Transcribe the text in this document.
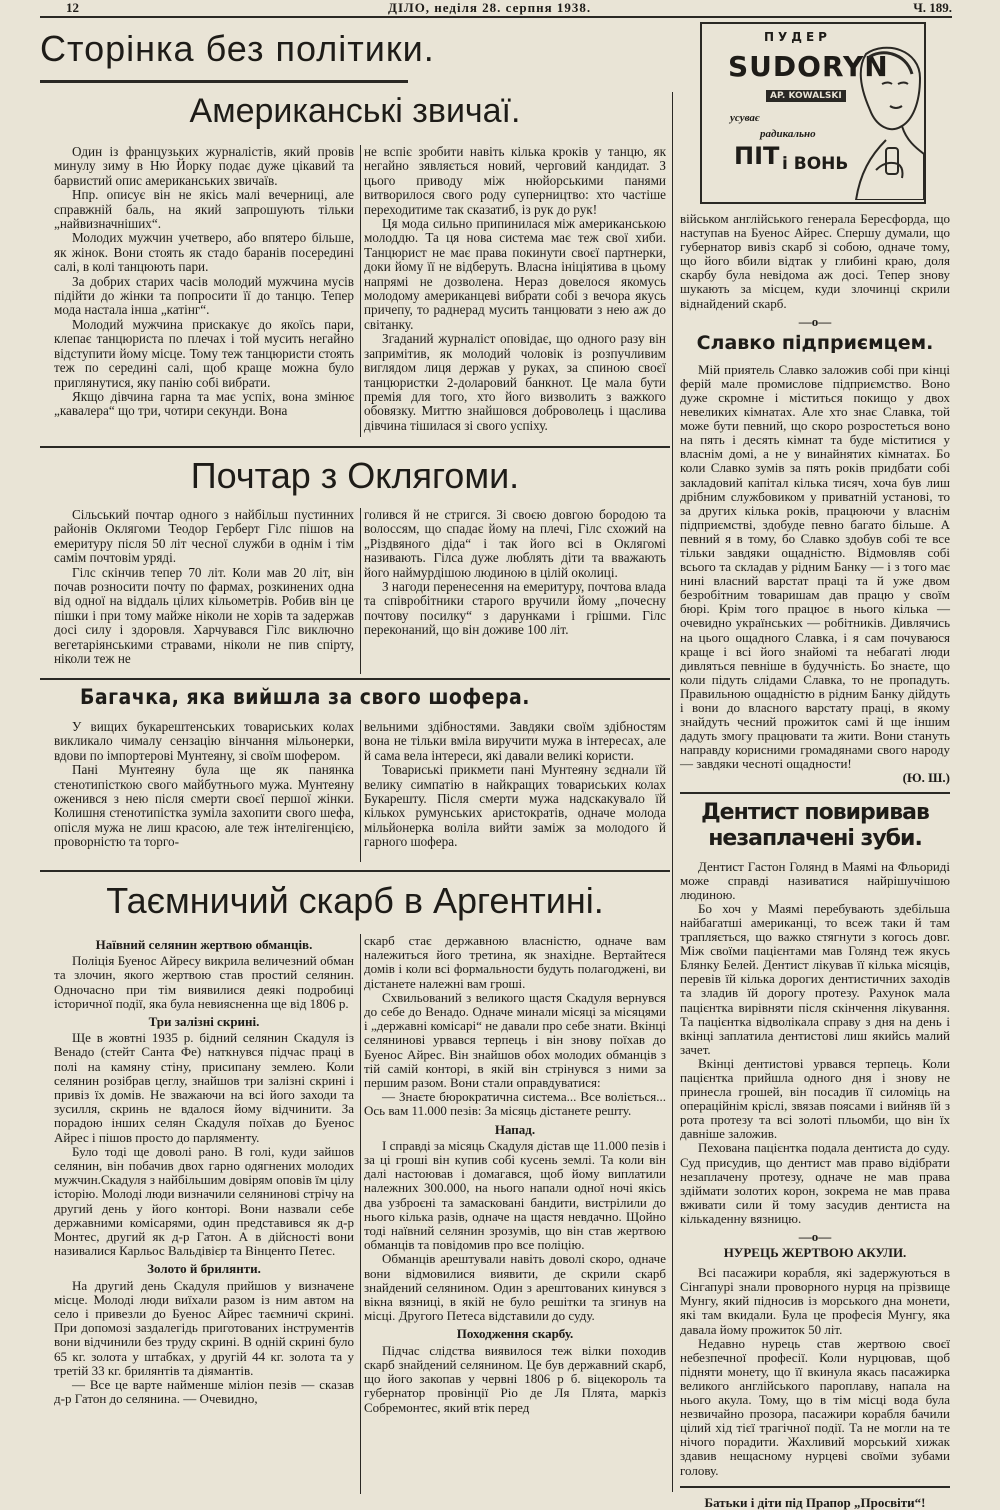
12	ДІЛО, неділя 28. серпня 1938.	Ч. 189.
Сторінка без політики.	ПУДЕР
SUDORYN
AP. KOWALSKI
усуває
радикально
ПІТ і ВОНЬ
Американські звичаї.

Один із французьких журналістів, який провів минулу зиму в Ню Йорку подає дуже цікавий та барвистий опис американських звичаїв.

Нпр. описує він не якісь малі вечерниці, але справжній баль, на який запрошують тільки „найвизначніших“.

Молодих мужчин учетверо, або впятеро більше, як жінок. Вони стоять як стадо баранів посередині салі, в колі танцюють пари.

За добрих старих часів молодий мужчина мусів підійти до жінки та попросити її до танцю. Тепер мода настала інша „катінг“.

Молодий мужчина прискакує до якоїсь пари, клепає танцюриста по плечах і той мусить негайно відступити йому місце. Тому теж танцюристи стоять теж по середині салі, щоб краще можна було приглянутися, яку панію собі вибрати.

Якщо дівчина гарна та має успіх, вона змінює „кавалера“ що три, чотири секунди. Вона

не вспіє зробити навіть кілька кроків у танцю, як негайно зявляється новий, черговий кандидат. З цього приводу між нюйорськими панями витворилося свого роду суперництво: хто частіше переходитиме так сказатиб, із рук до рук!

Ця мода сильно припинилася між американською молоддю. Та ця нова система має теж свої хиби. Танцюрист не має права покинути своєї партнерки, доки йому її не відберуть. Власна ініціятива в цьому напрямі не дозволена. Нераз довелося якомусь молодому американцеві вибрати собі з вечора якусь причепу, то раднерад мусить танцювати з нею аж до світанку.

Згаданий журналіст оповідає, що одного разу він запримітив, як молодий чоловік із розпучливим виглядом лиця держав у руках, за спиною своєї танцюристки 2-доларовий банкнот. Це мала бути премія для того, хто його визволить з важкого обовязку. Миттю знайшовся доброволець і щаслива дівчина тішилася зі свого успіху.

Почтар з Оклягоми.

Сільський почтар одного з найбільш пустинних районів Оклягоми Теодор Герберт Гілс пішов на емеритуру після 50 літ чесної служби в однім і тім самім почтовім уряді.

Гілс скінчив тепер 70 літ. Коли мав 20 літ, він почав розносити почту по фармах, розкинених одна від одної на віддаль цілих кільометрів. Робив він це пішки і при тому майже ніколи не хорів та задержав досі силу і здоровля. Харчувався Гілс виключно вегетаріянськими стравами, ніколи не пив спірту, ніколи теж не

голився й не стригся. Зі своєю довгою бородою та волоссям, що спадає йому на плечі, Гілс схожий на „Різдвяного діда“ і так його всі в Оклягомі називають. Гілса дуже люблять діти та вважають його наймурдішою людиною в цілій околиці.

З нагоди перенесення на емеритуру, почтова влада та співробітники старого вручили йому „почесну почтову посилку“ з дарунками і грішми. Гілс переконаний, що він доживе 100 літ.

Багачка, яка вийшла за свого шофера.

У вищих букарештенських товариських колах викликало чималу сензацію вінчання мільонерки, вдови по імпортерові Мунтеяну, зі своїм шофером.

Пані Мунтеяну була ще як панянка стенотипісткою свого майбутнього мужа. Мунтеяну оженився з нею після смерти своєї першої жінки. Колишня стенотипістка зуміла захопити свого шефа, опісля мужа не лиш красою, але теж інтелігенцією, проворністю та торго-

вельними здібностями. Завдяки своїм здібностям вона не тільки вміла виручити мужа в інтересах, але й сама вела інтереси, які давали великі користи.

Товариські прикмети пані Мунтеяну зєднали їй велику симпатію в найкращих товариських колах Букарешту. Після смерти мужа надскакувало їй кількох румунських аристократів, одначе молода мільйонерка воліла вийти заміж за молодого й гарного шофера.

Таємничий скарб в Аргентині.

Наївний селянин жертвою обманців.

Поліція Буенос Айресу викрила величезний обман та злочин, якого жертвою став простий селянин. Одночасно при тім виявилися деякі подробиці історичної події, яка була невиясненна ще від 1806 р.

Три залізні скрині.

Ще в жовтні 1935 р. бідний селянин Скадуля із Венадо (стейт Санта Фе) наткнувся підчас праці в полі на камяну стіну, присипану землею. Коли селянин розібрав цеглу, знайшов три залізні скрині і привіз їх домів. Не зважаючи на всі його заходи та зусилля, скринь не вдалося йому відчинити. За порадою інших селян Скадуля поїхав до Буенос Айрес і пішов просто до парляменту.

Було тоді ще доволі рано. В голі, куди зайшов селянин, він побачив двох гарно одягнених молодих мужчин.Скадуля з найбільшим довірям оповів їм цілу історію. Молоді люди визначили селянинові стрічу на другий день у його конторі. Вони назвали себе державними комісарями, один представився як д-р Монтес, другий як д-р Гатон. А в дійсності вони називалися Карльос Вальдівієр та Вінценто Петес.

Золото й брилянти.

На другий день Скадуля прийшов у визначене місце. Молоді люди виїхали разом із ним автом на село і привезли до Буенос Айрес таємничі скрині. При допомозі заздалегідь приготованих інструментів вони відчинили без труду скрині. В одній скрині було 65 кг. золота у штабках, у другій 44 кг. золота та у третій 33 кг. брилянтів та діямантів.

— Все це варте найменше міліон пезів — сказав д-р Гатон до селянина. — Очевидно,

скарб стає державною власністю, одначе вам належиться його третина, як знахідне. Вертайтеся домів і коли всі формальности будуть полагоджені, ви дістанете належні вам гроші.

Схвильований з великого щастя Скадуля вернувся до себе до Венадо. Одначе минали місяці за місяцями і „державні комісарі“ не давали про себе знати. Вкінці селянинові урвався терпець і він знову поїхав до Буенос Айрес. Він знайшов обох молодих обманців з тій самій конторі, в якій він стрінувся з ними за першим разом. Вони стали оправдуватися:

— Знаєте бюрократична система... Все воліється... Ось вам 11.000 пезів: За місяць дістанете решту.

Напад.

І справді за місяць Скадуля дістав ще 11.000 пезів і за ці гроші він купив собі кусень землі. Та коли він далі настоював і домагався, щоб йому виплатили належних 300.000, на нього напали одної ночі якісь два узброєні та замасковані бандити, вистрілили до нього кілька разів, одначе на щастя невдачно. Щойно тоді наївний селянин зрозумів, що він став жертвою обманців та повідомив про все поліцію.

Обманців арештували навіть доволі скоро, одначе вони відмовилися виявити, де скрили скарб знайдений селянином. Один з арештованих кинувся з вікна вязниці, в якій не було решітки та згинув на місці. Другого Петеса відставили до суду.

Походження скарбу.

Підчас слідства виявилося теж вілки походив скарб знайдений селянином. Це був державний скарб, що його закопав у червні 1806 р б. віцекороль та губернатор провінції Ріо де Ля Плята, маркіз Собремонтес, який втік перед

військом англійського генерала Бересфорда, що наступав на Буенос Айрес. Спершу думали, що губернатор вивіз скарб зі собою, одначе тому, що його вбили відтак у глибині краю, доля скарбу була невідома аж досі. Тепер знову шукають за місцем, куди злочинці скрили віднайдений скарб.

—о—

Славко підприємцем.

Мій приятель Славко заложив собі при кінці ферій мале промислове підприємство. Воно дуже скромне і міститься покищо у двох невеликих кімнатах. Але хто знає Славка, той може бути певний, що скоро розростеться воно на пять і десять кімнат та буде міститися у власнім домі, а не у винайнятих кімнатах. Бо коли Славко зумів за пять років придбати собі закладовий капітал кілька тисяч, хоча був лиш дрібним службовиком у приватній установі, то за других кілька років, працюючи у власнім підприємстві, здобуде певно багато більше. А певний я в тому, бо Славко здобув собі те все тільки завдяки ощадністю. Відмовляв собі всього та складав у рідним Банку — і з того має нині власний варстат праці та й уже двом безробітним товаришам дав працю у своїм бюрі. Крім того працює в нього кілька — очевидно українських — робітників. Дивлячись на цього ощадного Славка, і я сам почуваюся краще і всі його знайомі та небагаті люди дивляться певніше в будучність. Бо знаєте, що коли підуть слідами Славка, то не пропадуть. Правильною ощадністю в рідним Банку дійдуть і вони до власного варстату праці, в якому знайдуть чесний прожиток самі й ще іншим дадуть змогу працювати та жити. Вони стануть направду корисними громадянами свого народу — завдяки чесноті ощадности!

(Ю. Ш.)

Дентист повиривав незаплачені зуби.

Дентист Гастон Голянд в Маямі на Фльориді може справді називатися найрішучішою людиною.

Бо хоч у Маямі перебувають здебільша найбагатші американці, то всеж таки й там трапляється, що важко стягнути з когось довг. Між своїми пацієнтами мав Голянд теж якусь Блянку Белей. Дентист лікував її кілька місяців, перевів їй кілька дорогих дентистичних заходів та зладив їй дорогу протезу. Рахунок мала пацієнтка вирівняти після скінчення лікування. Та пацієнтка відволікала справу з дня на день і вкінці заплатила дентистові лиш якийсь малий зачет.

Вкінці дентистові урвався терпець. Коли пацієнтка прийшла одного дня і знову не принесла грошей, він посадив її силоміць на операційнім кріслі, звязав поясами і вийняв їй з рота протезу та всі золоті пльомби, що він їх давніше заложив.

Пехована пацієнтка подала дентиста до суду. Суд присудив, що дентист мав право відібрати незаплачену протезу, одначе не мав права здіймати золотих корон, зокрема не мав права вживати сили й тому засудив дентиста на кількаденну вязницю.

—о—

НУРЕЦЬ ЖЕРТВОЮ АКУЛИ.

Всі пасажири корабля, які задержуються в Сінгапурі знали проворного нурця на прізвище Мунгу, який підносив із морського дна монети, які там вкидали. Була це професія Мунгу, яка давала йому прожиток 50 літ.

Недавно нурець став жертвою своєї небезпечної професії. Коли нурцював, щоб підняти монету, що її вкинула якась пасажирка великого англійського пароплаву, напала на нього акула. Тому, що в тім місці вода була незвичайно прозора, пасажири корабля бачили цілий хід тієї трагічної події. Та не могли на те нічого порадити. Жахливий морський хижак здавив нещасному нурцеві своїми зубами голову.

Батьки і діти під Прапор „Просвіти“!
